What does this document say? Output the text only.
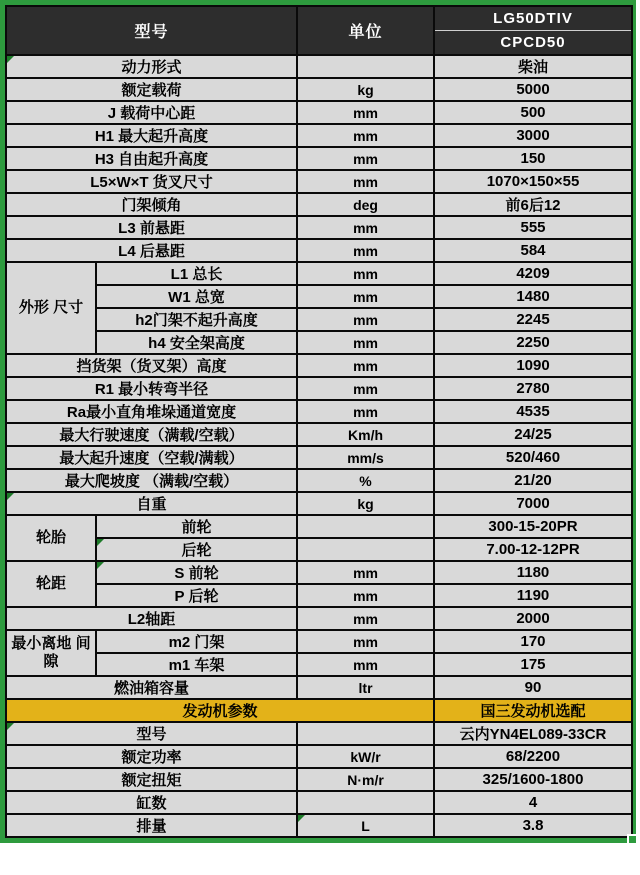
型号		单位	LG50DTIV
			CPCD50
动力形式			柴油
额定载荷		kg	5000
J 载荷中心距		mm	500
H1 最大起升高度		mm	3000
H3 自由起升高度		mm	150
L5×W×T 货叉尺寸		mm	1070×150×55
门架倾角		deg	前6后12
L3 前悬距		mm	555
L4 后悬距		mm	584
外形 尺寸	L1 总长	mm	4209
	W1 总宽	mm	1480
	h2门架不起升高度	mm	2245
	h4 安全架高度	mm	2250
挡货架（货叉架）高度		mm	1090
R1 最小转弯半径		mm	2780
Ra最小直角堆垛通道宽度		mm	4535
最大行驶速度（满载/空载）		Km/h	24/25
最大起升速度（空载/满载）		mm/s	520/460
最大爬坡度 （满载/空载）		%	21/20
自重		kg	7000
轮胎	前轮		300-15-20PR
	后轮		7.00-12-12PR
轮距	S 前轮	mm	1180
	P 后轮	mm	1190
L2轴距		mm	2000
最小离地 间隙	m2 门架	mm	170
	m1 车架	mm	175
燃油箱容量		ltr	90
发动机参数			国三发动机选配
型号			云内YN4EL089-33CR
额定功率		kW/r	68/2200
额定扭矩		N·m/r	325/1600-1800
缸数			4
排量		L	3.8
